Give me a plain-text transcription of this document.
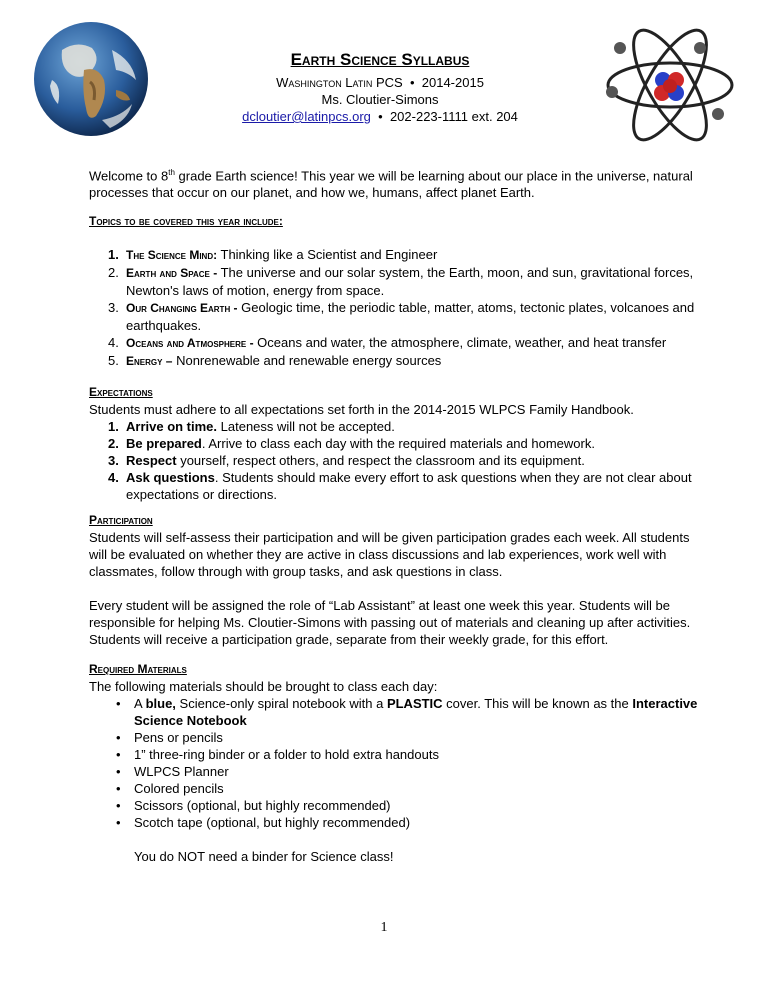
Earth Science Syllabus
Washington Latin PCS  •  2014-2015
Ms. Cloutier-Simons
dcloutier@latinpcs.org  •  202-223-1111 ext. 204
Welcome to 8th grade Earth science! This year we will be learning about our place in the universe, natural processes that occur on our planet, and how we, humans, affect planet Earth.
Topics to be covered this year include:
1. The Science Mind: Thinking like a Scientist and Engineer
2. Earth and Space - The universe and our solar system, the Earth, moon, and sun, gravitational forces, Newton's laws of motion, energy from space.
3. Our Changing Earth - Geologic time, the periodic table, matter, atoms, tectonic plates, volcanoes and earthquakes.
4. Oceans and Atmosphere - Oceans and water, the atmosphere, climate, weather, and heat transfer
5. Energy – Nonrenewable and renewable energy sources
Expectations
Students must adhere to all expectations set forth in the 2014-2015 WLPCS Family Handbook.
1. Arrive on time. Lateness will not be accepted.
2. Be prepared. Arrive to class each day with the required materials and homework.
3. Respect yourself, respect others, and respect the classroom and its equipment.
4. Ask questions. Students should make every effort to ask questions when they are not clear about expectations or directions.
Participation
Students will self-assess their participation and will be given participation grades each week. All students will be evaluated on whether they are active in class discussions and lab experiences, work well with classmates, follow through with group tasks, and ask questions in class.
Every student will be assigned the role of “Lab Assistant” at least one week this year. Students will be responsible for helping Ms. Cloutier-Simons with passing out of materials and cleaning up after activities. Students will receive a participation grade, separate from their weekly grade, for this effort.
Required Materials
The following materials should be brought to class each day:
• A blue, Science-only spiral notebook with a PLASTIC cover. This will be known as the Interactive Science Notebook
• Pens or pencils
• 1” three-ring binder or a folder to hold extra handouts
• WLPCS Planner
• Colored pencils
• Scissors (optional, but highly recommended)
• Scotch tape (optional, but highly recommended)
You do NOT need a binder for Science class!
1
